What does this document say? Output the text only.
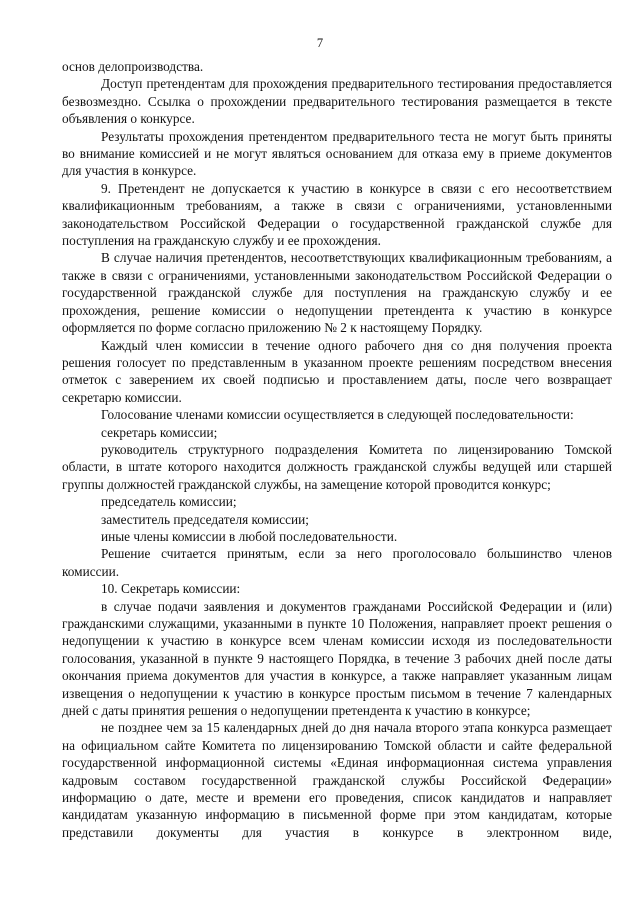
7

основ делопроизводства.

Доступ претендентам для прохождения предварительного тестирования предоставляется безвозмездно. Ссылка о прохождении предварительного тестирования размещается в тексте объявления о конкурсе.

Результаты прохождения претендентом предварительного теста не могут быть приняты во внимание комиссией и не могут являться основанием для отказа ему в приеме документов для участия в конкурсе.

9. Претендент не допускается к участию в конкурсе в связи с его несоответствием квалификационным требованиям, а также в связи с ограничениями, установленными законодательством Российской Федерации о государственной гражданской службе для поступления на гражданскую службу и ее прохождения.

В случае наличия претендентов, несоответствующих квалификационным требованиям, а также в связи с ограничениями, установленными законодательством Российской Федерации о государственной гражданской службе для поступления на гражданскую службу и ее прохождения, решение комиссии о недопущении претендента к участию в конкурсе оформляется по форме согласно приложению № 2 к настоящему Порядку.

Каждый член комиссии в течение одного рабочего дня со дня получения проекта решения голосует по представленным в указанном проекте решениям посредством внесения отметок с заверением их своей подписью и проставлением даты, после чего возвращает секретарю комиссии.

Голосование членами комиссии осуществляется в следующей последовательности:

секретарь комиссии;

руководитель структурного подразделения Комитета по лицензированию Томской области, в штате которого находится должность гражданской службы ведущей или старшей группы должностей гражданской службы, на замещение которой проводится конкурс;

председатель комиссии;

заместитель председателя комиссии;

иные члены комиссии в любой последовательности.

Решение считается принятым, если за него проголосовало большинство членов комиссии.

10. Секретарь комиссии:

в случае подачи заявления и документов гражданами Российской Федерации и (или) гражданскими служащими, указанными в пункте 10 Положения, направляет проект решения о недопущении к участию в конкурсе всем членам комиссии исходя из последовательности голосования, указанной в пункте 9 настоящего Порядка, в течение 3 рабочих дней после даты окончания приема документов для участия в конкурсе, а также направляет указанным лицам извещения о недопущении к участию в конкурсе простым письмом в течение 7 календарных дней с даты принятия решения о недопущении претендента к участию в конкурсе;

не позднее чем за 15 календарных дней до дня начала второго этапа конкурса размещает на официальном сайте Комитета по лицензированию Томской области и сайте федеральной государственной информационной системы «Единая информационная система управления кадровым составом государственной гражданской службы Российской Федерации» информацию о дате, месте и времени его проведения, список кандидатов и направляет кандидатам указанную информацию в письменной форме при этом кандидатам, которые представили документы для участия в конкурсе в электронном виде,
